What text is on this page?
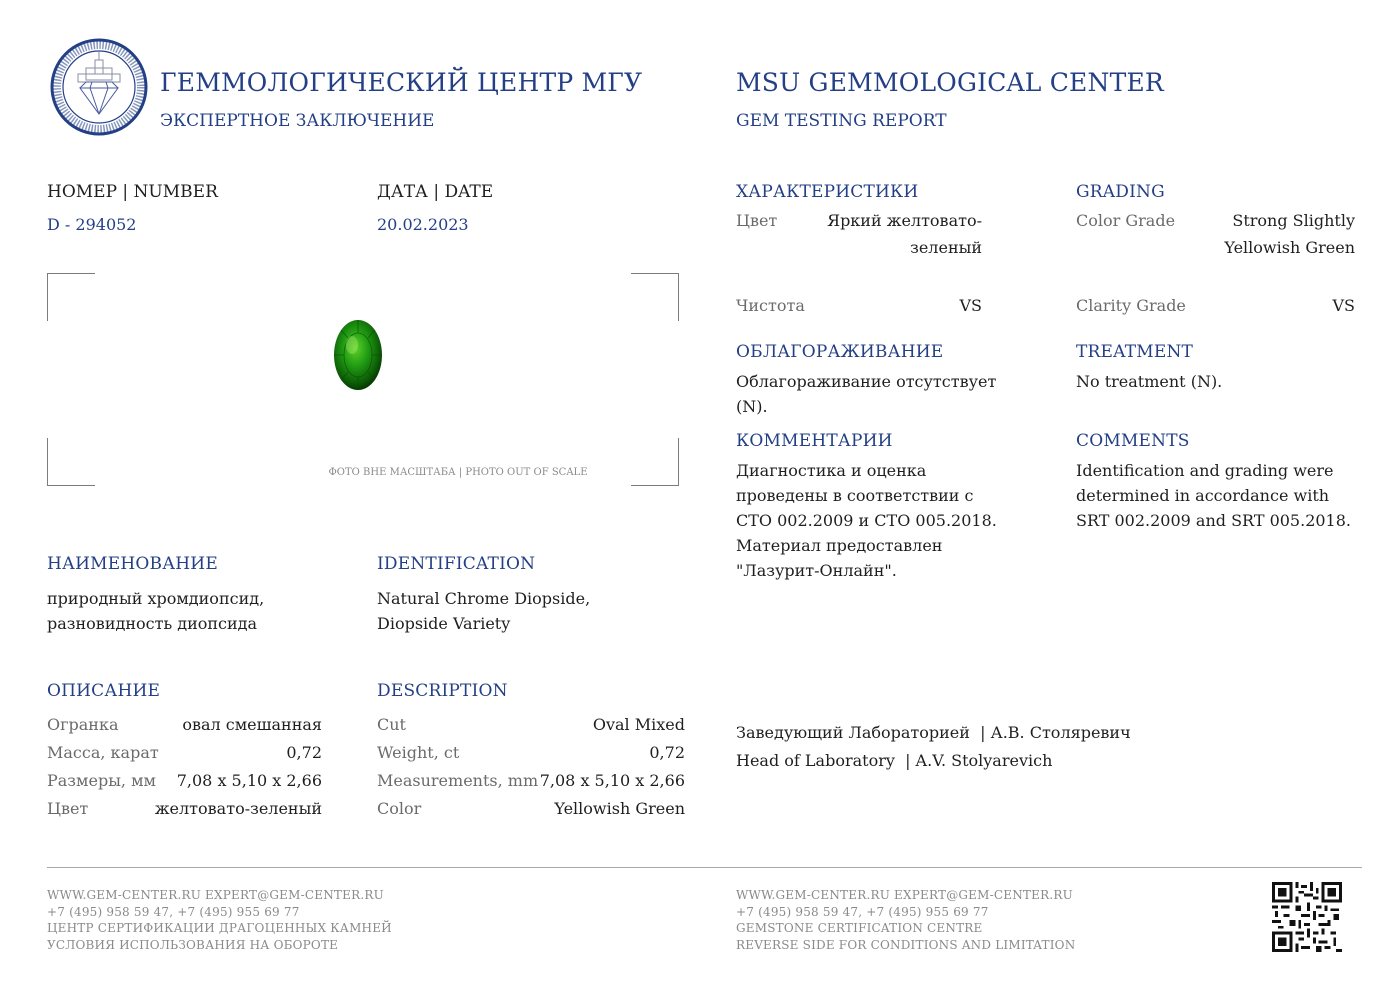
ГЕММОЛОГИЧЕСКИЙ ЦЕНТР МГУ
ЭКСПЕРТНОЕ ЗАКЛЮЧЕНИЕ
MSU GEMMOLOGICAL CENTER
GEM TESTING REPORT
НОМЕР | NUMBER
D - 294052
ДАТА | DATE
20.02.2023
ФОТО ВНЕ МАСШТАБА | PHOTO OUT OF SCALE
НАИМЕНОВАНИЕ
природный хромдиопсид,
разновидность диопсида
IDENTIFICATION
Natural Chrome Diopside,
Diopside Variety
ОПИСАНИЕ	DESCRIPTION
Огранка	овал смешанная
Масса, карат	0,72
Размеры, мм 7,08 x 5,10 x 2,66
Цвет	желтовато-зеленый
Cut	Oval Mixed
Weight, ct	0,72
Measurements, mm 7,08 x 5,10 x 2,66
Color	Yellowish Green
ХАРАКТЕРИСТИКИ
Цвет	Яркий желтовато-
зеленый
Чистота	VS
GRADING
Color Grade	Strong Slightly
Yellowish Green
Clarity Grade	VS
ОБЛАГОРАЖИВАНИЕ
Облагораживание отсутствует
(N).
TREATMENT
No treatment (N).
КОММЕНТАРИИ
Диагностика и оценка
проведены в соответствии с
СТО 002.2009 и СТО 005.2018.
Материал предоставлен
"Лазурит-Онлайн".
COMMENTS
Identification and grading were
determined in accordance with
SRT 002.2009 and SRT 005.2018.
Заведующий Лабораторией  | А.В. Столяревич
Head of Laboratory  | A.V. Stolyarevich
WWW.GEM-CENTER.RU EXPERT@GEM-CENTER.RU
+7 (495) 958 59 47, +7 (495) 955 69 77
ЦЕНТР СЕРТИФИКАЦИИ ДРАГОЦЕННЫХ КАМНЕЙ
УСЛОВИЯ ИСПОЛЬЗОВАНИЯ НА ОБОРОТЕ
WWW.GEM-CENTER.RU EXPERT@GEM-CENTER.RU
+7 (495) 958 59 47, +7 (495) 955 69 77
GEMSTONE CERTIFICATION CENTRE
REVERSE SIDE FOR CONDITIONS AND LIMITATION
